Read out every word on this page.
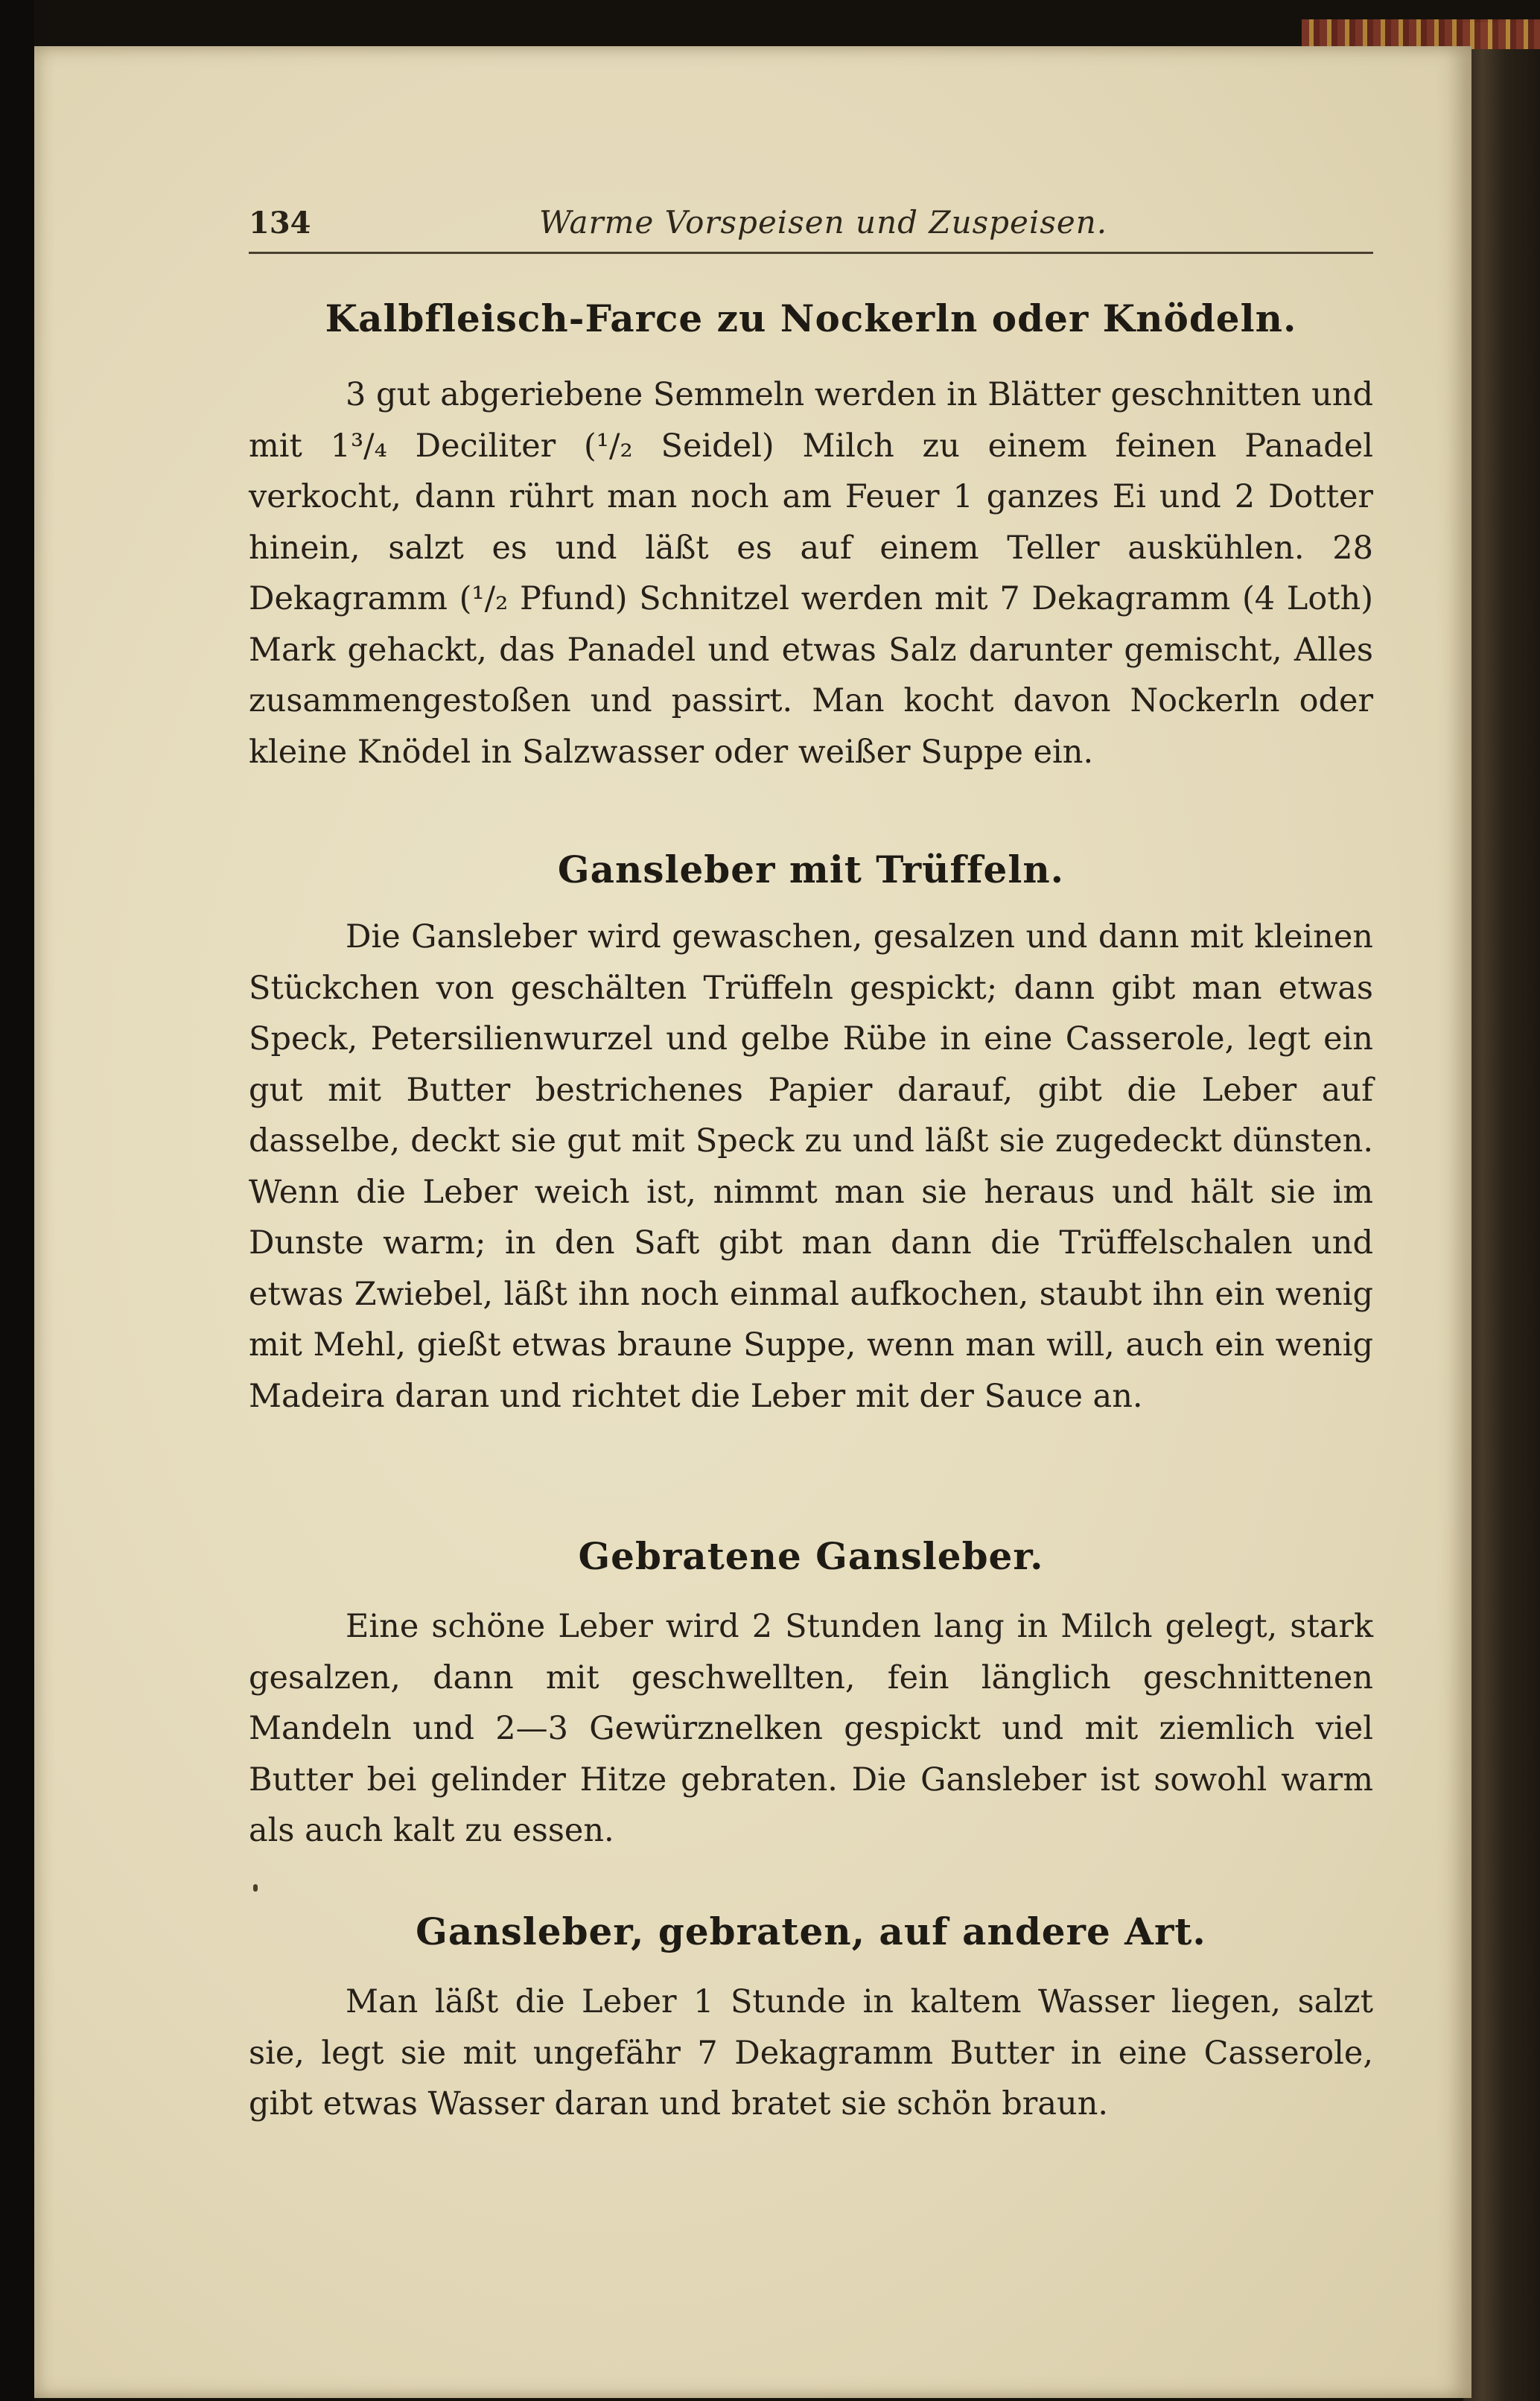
134	Warme Vorspeisen und Zuspeisen.
Kalbfleisch-Farce zu Nockerln oder Knödeln.

3 gut abgeriebene Semmeln werden in Blätter geschnitten und mit 1³/₄ Deciliter (¹/₂ Seidel) Milch zu einem feinen Panadel verkocht, dann rührt man noch am Feuer 1 ganzes Ei und 2 Dotter hinein, salzt es und läßt es auf einem Teller auskühlen. 28 Dekagramm (¹/₂ Pfund) Schnitzel werden mit 7 Dekagramm (4 Loth) Mark gehackt, das Panadel und etwas Salz darunter gemischt, Alles zusammengestoßen und passirt. Man kocht davon Nockerln oder kleine Knödel in Salzwasser oder weißer Suppe ein.

Gansleber mit Trüffeln.

Die Gansleber wird gewaschen, gesalzen und dann mit kleinen Stückchen von geschälten Trüffeln gespickt; dann gibt man etwas Speck, Petersilienwurzel und gelbe Rübe in eine Casserole, legt ein gut mit Butter bestrichenes Papier darauf, gibt die Leber auf dasselbe, deckt sie gut mit Speck zu und läßt sie zugedeckt dünsten. Wenn die Leber weich ist, nimmt man sie heraus und hält sie im Dunste warm; in den Saft gibt man dann die Trüffelschalen und etwas Zwiebel, läßt ihn noch einmal aufkochen, staubt ihn ein wenig mit Mehl, gießt etwas braune Suppe, wenn man will, auch ein wenig Madeira daran und richtet die Leber mit der Sauce an.

Gebratene Gansleber.

Eine schöne Leber wird 2 Stunden lang in Milch gelegt, stark gesalzen, dann mit geschwellten, fein länglich geschnittenen Mandeln und 2—3 Gewürznelken gespickt und mit ziemlich viel Butter bei gelinder Hitze gebraten. Die Gansleber ist sowohl warm als auch kalt zu essen.

Gansleber, gebraten, auf andere Art.

Man läßt die Leber 1 Stunde in kaltem Wasser liegen, salzt sie, legt sie mit ungefähr 7 Dekagramm Butter in eine Casserole, gibt etwas Wasser daran und bratet sie schön braun.
